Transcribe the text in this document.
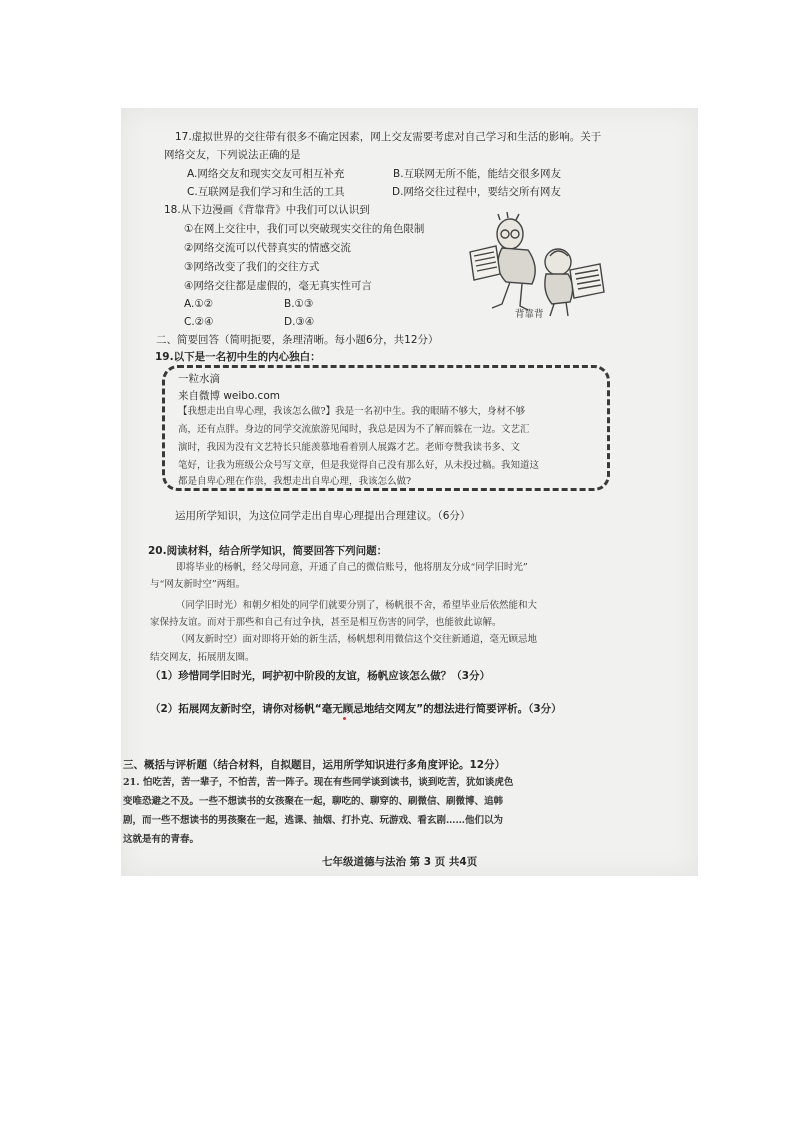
17.虚拟世界的交往带有很多不确定因素，网上交友需要考虑对自己学习和生活的影响。关于
网络交友，下列说法正确的是
A.网络交友和现实交友可相互补充	B.互联网无所不能，能结交很多网友
C.互联网是我们学习和生活的工具	D.网络交往过程中，要结交所有网友
18.从下边漫画《背靠背》中我们可以认识到
①在网上交往中，我们可以突破现实交往的角色限制
②网络交流可以代替真实的情感交流
③网络改变了我们的交往方式
④网络交往都是虚假的，毫无真实性可言
A.①②	B.①③
C.②④	D.③④
背靠背
二、简要回答（简明扼要，条理清晰。每小题6分，共12分）
19.以下是一名初中生的内心独白：
一粒水滴
来自微博 weibo.com
【我想走出自卑心理，我该怎么做?】我是一名初中生。我的眼睛不够大，身材不够
高，还有点胖。身边的同学交流旅游见闻时，我总是因为不了解而躲在一边。文艺汇
演时，我因为没有文艺特长只能羡慕地看着别人展露才艺。老师夸赞我读书多、文
笔好，让我为班级公众号写文章，但是我觉得自己没有那么好，从未投过稿。我知道这
都是自卑心理在作祟，我想走出自卑心理，我该怎么做?
运用所学知识，为这位同学走出自卑心理提出合理建议。（6分）
20.阅读材料，结合所学知识，简要回答下列问题：
即将毕业的杨帆，经父母同意，开通了自己的微信账号，他将朋友分成“同学旧时光”
与“网友新时空”两组。
（同学旧时光）和朝夕相处的同学们就要分别了，杨帆很不舍，希望毕业后依然能和大
家保持友谊。而对于那些和自己有过争执，甚至是相互伤害的同学，也能彼此谅解。
（网友新时空）面对即将开始的新生活，杨帆想利用微信这个交往新通道，毫无顾忌地
结交网友，拓展朋友圈。
（1）珍惜同学旧时光，呵护初中阶段的友谊，杨帆应该怎么做？（3分）
（2）拓展网友新时空，请你对杨帆“毫无顾忌地结交网友”的想法进行简要评析。（3分）
三、概括与评析题（结合材料，自拟题目，运用所学知识进行多角度评论。12分）
21. 怕吃苦，苦一辈子，不怕苦，苦一阵子。现在有些同学谈到读书，谈到吃苦，犹如谈虎色
变唯恐避之不及。一些不想读书的女孩聚在一起，聊吃的、聊穿的、刷微信、刷微博、追韩
剧，而一些不想读书的男孩聚在一起，逃课、抽烟、打扑克、玩游戏、看玄剧……他们以为
这就是有的青春。
七年级道德与法治 第 3 页 共4页
